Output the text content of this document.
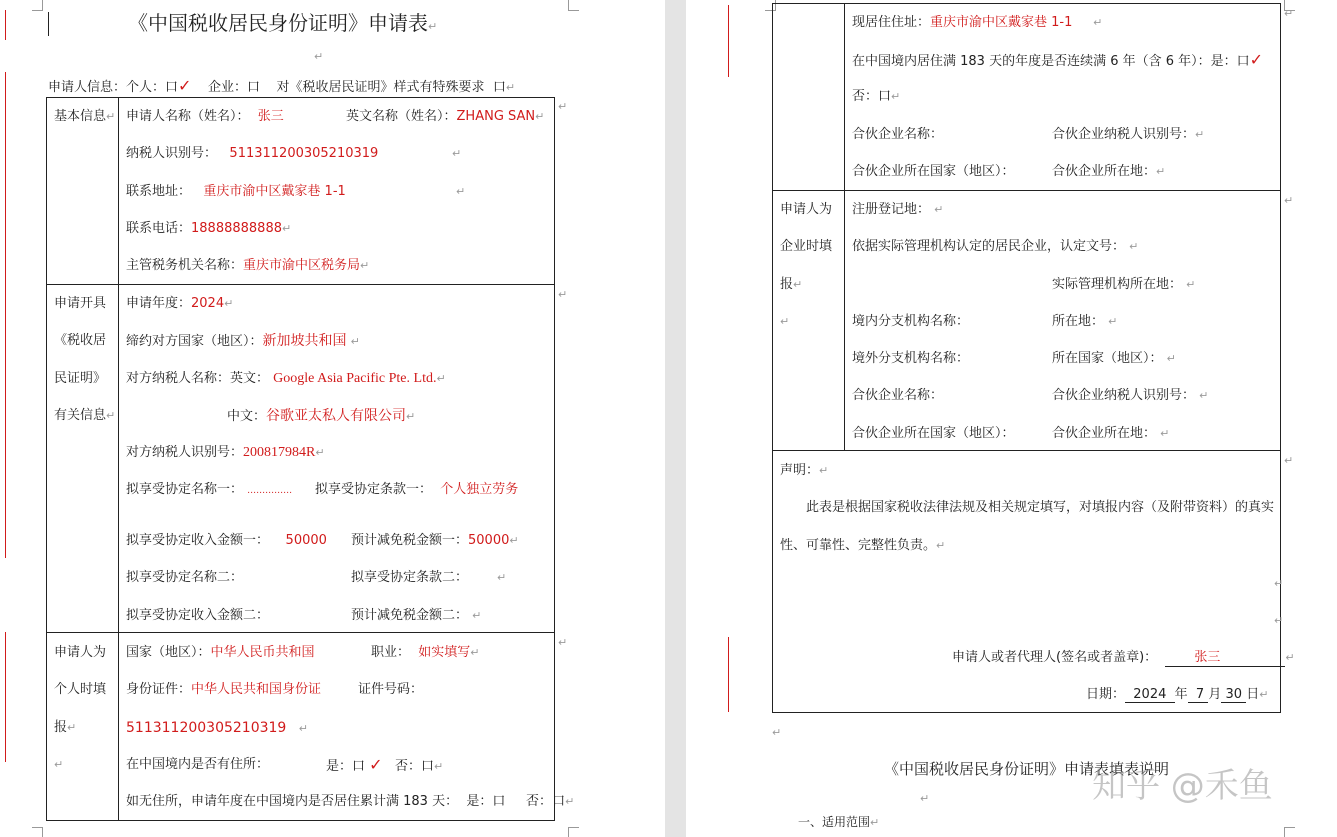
《中国税收居民身份证明》申请表↵
↵
申请人信息：个人：口✓ 企业：口 对《税收居民证明》样式有特殊要求 口↵
↵
↵
↵
基本信息↵ 申请人名称（姓名）： 张三	英文名称（姓名）：ZHANG SAN↵
纳税人识别号： 511311200305210319	↵
联系地址： 重庆市渝中区戴家巷 1-1	↵
联系电话：18888888888↵
主管税务机关名称：重庆市渝中区税务局↵
申请开具
《税收居
民证明》
有关信息↵
申请年度：2024↵
缔约对方国家（地区）：新加坡共和国 ↵
对方纳税人名称：英文： Google Asia Pacific Pte. Ltd.↵
中文：谷歌亚太私人有限公司↵
对方纳税人识别号：200817984R↵
拟享受协定名称一： …………… 拟享受协定条款一： 个人独立劳务
拟享受协定收入金额一： 50000 预计减免税金额一：50000↵
拟享受协定名称二：	拟享受协定条款二：	↵
拟享受协定收入金额二：	预计减免税金额二： ↵
申请人为
个人时填
报↵
↵
国家（地区）：中华人民币共和国	职业： 如实填写↵
身份证件：中华人民共和国身份证	证件号码：
511311200305210319 ↵
在中国境内是否有住所：	是：口 ✓ 否：口↵
如无住所，申请年度在中国境内是否居住累计满 183 天： 是：口 否：口↵
↵
↵
↵
现居住住址：重庆市渝中区戴家巷 1-1 ↵
在中国境内居住满 183 天的年度是否连续满 6 年（含 6 年）：是：口✓
否：口↵
合伙企业名称：	合伙企业纳税人识别号：↵
合伙企业所在国家（地区）：	合伙企业所在地：↵
申请人为
企业时填
报↵
↵
注册登记地： ↵
依据实际管理机构认定的居民企业，认定文号： ↵
实际管理机构所在地： ↵
境内分支机构名称：	所在地： ↵
境外分支机构名称：	所在国家（地区）： ↵
合伙企业名称：	合伙企业纳税人识别号： ↵
合伙企业所在国家（地区）：	合伙企业所在地： ↵
声明：↵
此表是根据国家税收法律法规及相关规定填写，对填报内容（及附带资料）的真实
性、可靠性、完整性负责。↵
↵
↵
申请人或者代理人(签名或者盖章)：	张三	↵
日期： 2024 年 7 月 30 日↵
↵
《中国税收居民身份证明》申请表填表说明
↵
一、适用范围↵
知乎 @禾鱼
